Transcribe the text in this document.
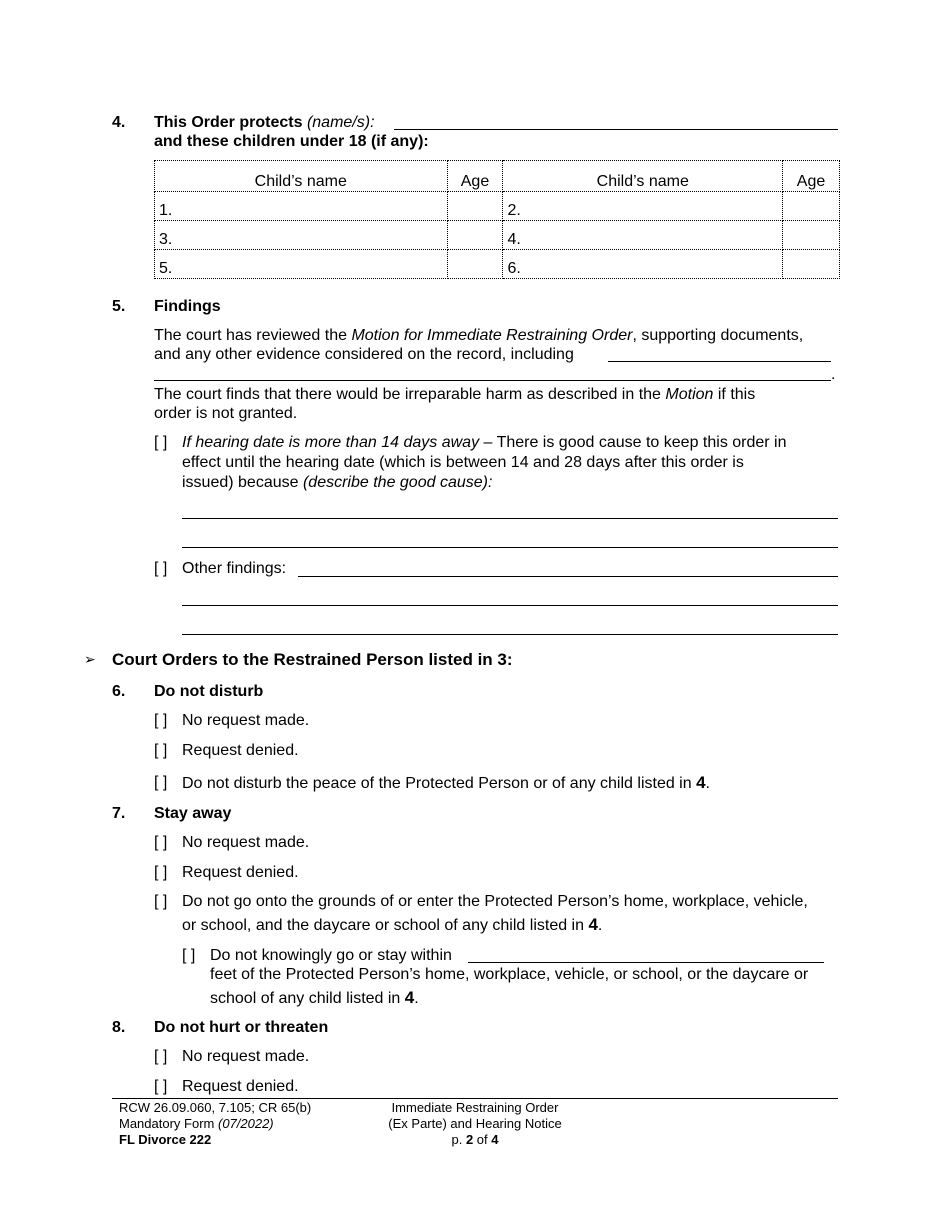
4. This Order protects (name/s):
and these children under 18 (if any):
Child’s name	Age	Child’s name	Age
1.		2.	
3.		4.	
5.		6.	
5. Findings
The court has reviewed the Motion for Immediate Restraining Order, supporting documents,
and any other evidence considered on the record, including
.
The court finds that there would be irreparable harm as described in the Motion if this
order is not granted.
[ ] If hearing date is more than 14 days away – There is good cause to keep this order in
effect until the hearing date (which is between 14 and 28 days after this order is
issued) because (describe the good cause):
[ ] Other findings:
➢ Court Orders to the Restrained Person listed in 3:
6. Do not disturb
[ ] No request made.
[ ] Request denied.
[ ] Do not disturb the peace of the Protected Person or of any child listed in 4.
7. Stay away
[ ] No request made.
[ ] Request denied.
[ ] Do not go onto the grounds of or enter the Protected Person’s home, workplace, vehicle,
or school, and the daycare or school of any child listed in 4.
[ ] Do not knowingly go or stay within
feet of the Protected Person’s home, workplace, vehicle, or school, or the daycare or
school of any child listed in 4.
8. Do not hurt or threaten
[ ] No request made.
[ ] Request denied.
RCW 26.09.060, 7.105; CR 65(b)
Mandatory Form (07/2022)
FL Divorce 222
Immediate Restraining Order
(Ex Parte) and Hearing Notice
p. 2 of 4
